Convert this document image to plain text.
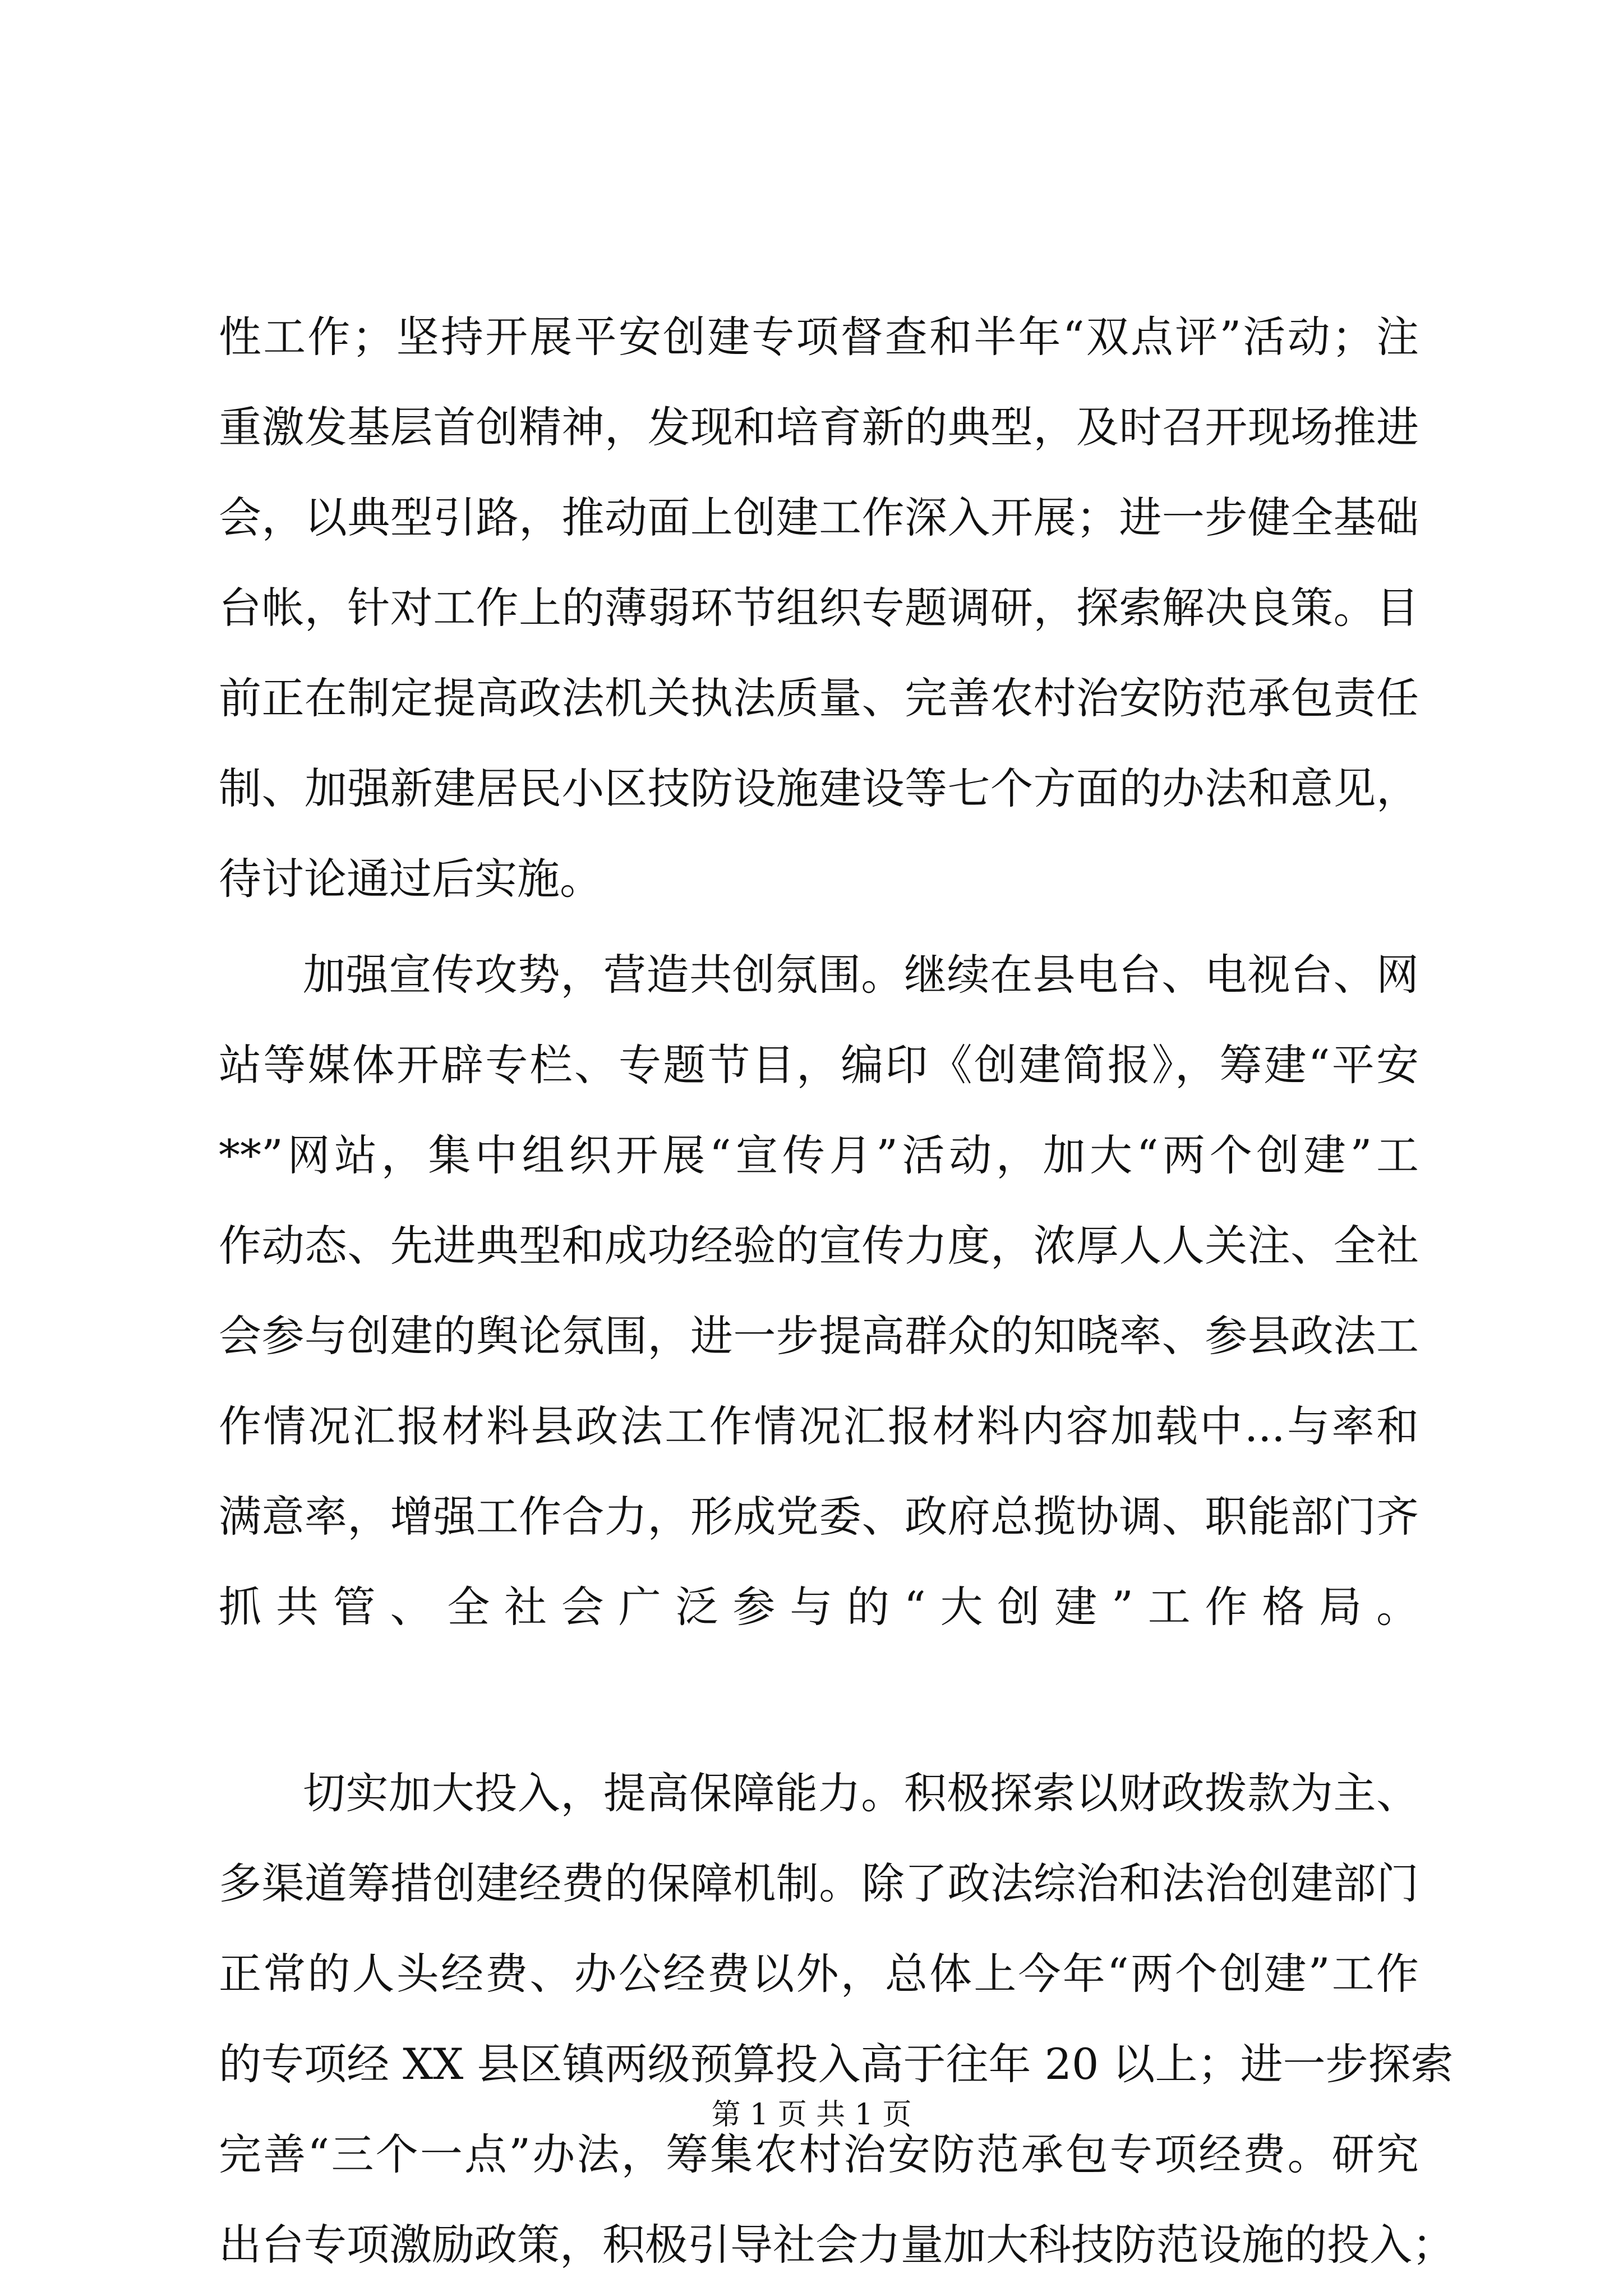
性工作；坚持开展平安创建专项督查和半年“双点评”活动；注
重激发基层首创精神，发现和培育新的典型，及时召开现场推进
会，以典型引路，推动面上创建工作深入开展；进一步健全基础
台帐，针对工作上的薄弱环节组织专题调研，探索解决良策。目
前正在制定提高政法机关执法质量、完善农村治安防范承包责任
制、加强新建居民小区技防设施建设等七个方面的办法和意见，
待讨论通过后实施。
加强宣传攻势，营造共创氛围。继续在县电台、电视台、网
站等媒体开辟专栏、专题节目，编印《创建简报》，筹建“平安
**”网站，集中组织开展“宣传月”活动，加大“两个创建”工
作动态、先进典型和成功经验的宣传力度，浓厚人人关注、全社
会参与创建的舆论氛围，进一步提高群众的知晓率、参县政法工
作情况汇报材料县政法工作情况汇报材料内容加载中...与率和
满意率，增强工作合力，形成党委、政府总揽协调、职能部门齐
抓共管、全社会广泛参与的“大创建”工作格局。
切实加大投入，提高保障能力。积极探索以财政拨款为主、
多渠道筹措创建经费的保障机制。除了政法综治和法治创建部门
正常的人头经费、办公经费以外，总体上今年“两个创建”工作
的专项经 XX 县区镇两级预算投入高于往年 20 以上；进一步探索
完善“三个一点”办法，筹集农村治安防范承包专项经费。研究
出台专项激励政策，积极引导社会力量加大科技防范设施的投入；
第 1 页 共 1 页
